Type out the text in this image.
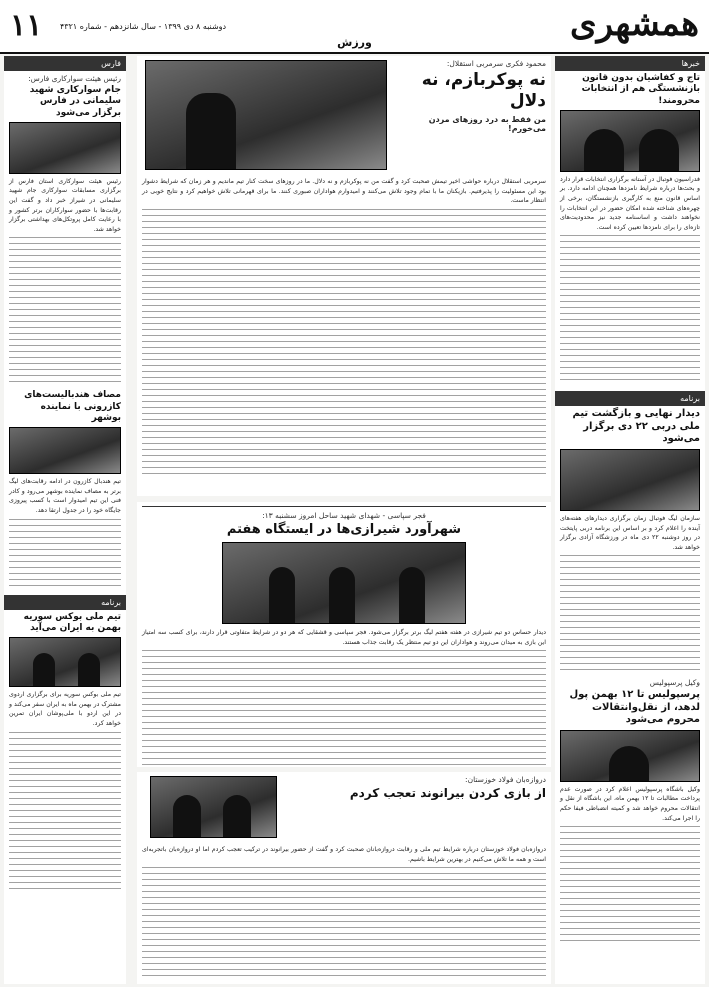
همشهری
۱۱ دوشنبه ۸ دی ۱۳۹۹ - سال شانزدهم - شماره ۴۳۲۱
ورزش
خبرها
تاج و کفاشیان بدون قانون بازنشستگی هم از انتخابات محرومند!
فدراسیون فوتبال در آستانه برگزاری انتخابات قرار دارد و بحث‌ها درباره شرایط نامزدها همچنان ادامه دارد. بر اساس قانون منع به کارگیری بازنشستگان، برخی از چهره‌های شناخته شده امکان حضور در این انتخابات را نخواهند داشت و اساسنامه جدید نیز محدودیت‌های تازه‌ای را برای نامزدها تعیین کرده است.
برنامه
دیدار نهایی و بازگشت تیم ملی دربی ۲۲ دی برگزار می‌شود
سازمان لیگ فوتبال زمان برگزاری دیدارهای هفته‌های آینده را اعلام کرد و بر اساس این برنامه دربی پایتخت در روز دوشنبه ۲۲ دی ماه در ورزشگاه آزادی برگزار خواهد شد.
وکیل پرسپولیس
پرسپولیس تا ۱۲ بهمن پول لدهد، از نقل‌وانتقالات محروم می‌شود
وکیل باشگاه پرسپولیس اعلام کرد در صورت عدم پرداخت مطالبات تا ۱۲ بهمن ماه، این باشگاه از نقل و انتقالات محروم خواهد شد و کمیته انضباطی فیفا حکم را اجرا می‌کند.
محمود فکری سرمربی استقلال:
نه پوکربازم، نه دلال
من فقط به درد روزهای مردن می‌خورم!
سرمربی استقلال درباره حواشی اخیر تیمش صحبت کرد و گفت من نه پوکربازم و نه دلال. ما در روزهای سخت کنار تیم ماندیم و هر زمان که شرایط دشوار بود این مسئولیت را پذیرفتیم. بازیکنان ما با تمام وجود تلاش می‌کنند و امیدوارم هواداران صبوری کنند. ما برای قهرمانی تلاش خواهیم کرد و نتایج خوبی در انتظار ماست.
فجر سپاسی - شهدای شهید ساحل امروز سشنبه ۱۳:
شهرآورد شیرازی‌ها در ایستگاه هفتم
دیدار حساس دو تیم شیرازی در هفته هفتم لیگ برتر برگزار می‌شود. فجر سپاسی و قشقایی که هر دو در شرایط متفاوتی قرار دارند، برای کسب سه امتیاز این بازی به میدان می‌روند و هواداران این دو تیم منتظر یک رقابت جذاب هستند.
دروازه‌بان فولاد خوزستان:
از بازی کردن بیرانوند تعجب کردم
دروازه‌بان فولاد خوزستان درباره شرایط تیم ملی و رقابت دروازه‌بانان صحبت کرد و گفت از حضور بیرانوند در ترکیب تعجب کردم اما او دروازه‌بان باتجربه‌ای است و همه ما تلاش می‌کنیم در بهترین شرایط باشیم.
فارس
رئیس هیئت سوارکاری فارس:
جام سوارکاری شهید سلیمانی در فارس برگزار می‌شود
رئیس هیئت سوارکاری استان فارس از برگزاری مسابقات سوارکاری جام شهید سلیمانی در شیراز خبر داد و گفت این رقابت‌ها با حضور سوارکاران برتر کشور و با رعایت کامل پروتکل‌های بهداشتی برگزار خواهد شد.
مصاف هندبالیست‌های کازرونی با نماینده بوشهر
تیم هندبال کازرون در ادامه رقابت‌های لیگ برتر به مصاف نماینده بوشهر می‌رود و کادر فنی این تیم امیدوار است با کسب پیروزی جایگاه خود را در جدول ارتقا دهد.
برنامه
تیم ملی بوکس سوریه بهمن به ایران می‌آید
تیم ملی بوکس سوریه برای برگزاری اردوی مشترک در بهمن ماه به ایران سفر می‌کند و در این اردو با ملی‌پوشان ایران تمرین خواهد کرد.
